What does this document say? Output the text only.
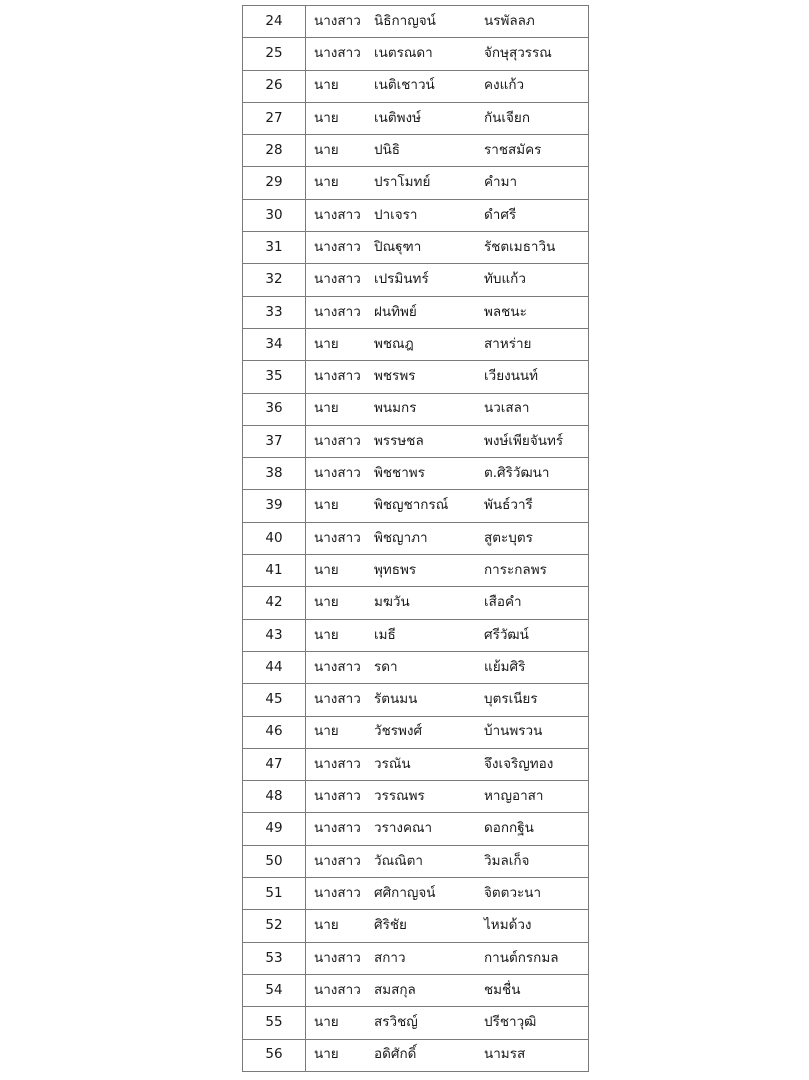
24	นางสาว นิธิกาญจน์ นรพัลลภ

25	นางสาว เนตรณดา จักษุสุวรรณ

26	นาย เนติเชาวน์ คงแก้ว

27	นาย เนติพงษ์ กันเจียก

28	นาย ปนิธิ ราชสมัคร

29	นาย ปราโมทย์ คำมา

30	นางสาว ปาเจรา ดำศรี

31	นางสาว ปิณฐุฑา รัชตเมธาวิน

32	นางสาว เปรมินทร์ ทับแก้ว

33	นางสาว ฝนทิพย์ พลชนะ

34	นาย พชณฎ สาหร่าย

35	นางสาว พชรพร เวียงนนท์

36	นาย พนมกร นวเสลา

37	นางสาว พรรษชล พงษ์เพียจันทร์

38	นางสาว พิชชาพร ต.ศิริวัฒนา

39	นาย พิชญชากรณ์ พันธ์วารี

40	นางสาว พิชญาภา สูตะบุตร

41	นาย พุทธพร การะกลพร

42	นาย มฆวัน เสือคำ

43	นาย เมธี ศรีวัฒน์

44	นางสาว รดา แย้มศิริ

45	นางสาว รัตนมน บุตรเนียร

46	นาย วัชรพงศ์ บ้านพรวน

47	นางสาว วรณัน จึงเจริญทอง

48	นางสาว วรรณพร หาญอาสา

49	นางสาว วรางคณา ดอกกฐิน

50	นางสาว วัณณิตา วิมลเก็จ

51	นางสาว ศศิกาญจน์ จิตตวะนา

52	นาย ศิริชัย ไหมด้วง

53	นางสาว สกาว กานต์กรกมล

54	นางสาว สมสกุล ชมชื่น

55	นาย สรวิชญ์ ปรีชาวุฒิ

56	นาย อดิศักดิ์ นามรส
